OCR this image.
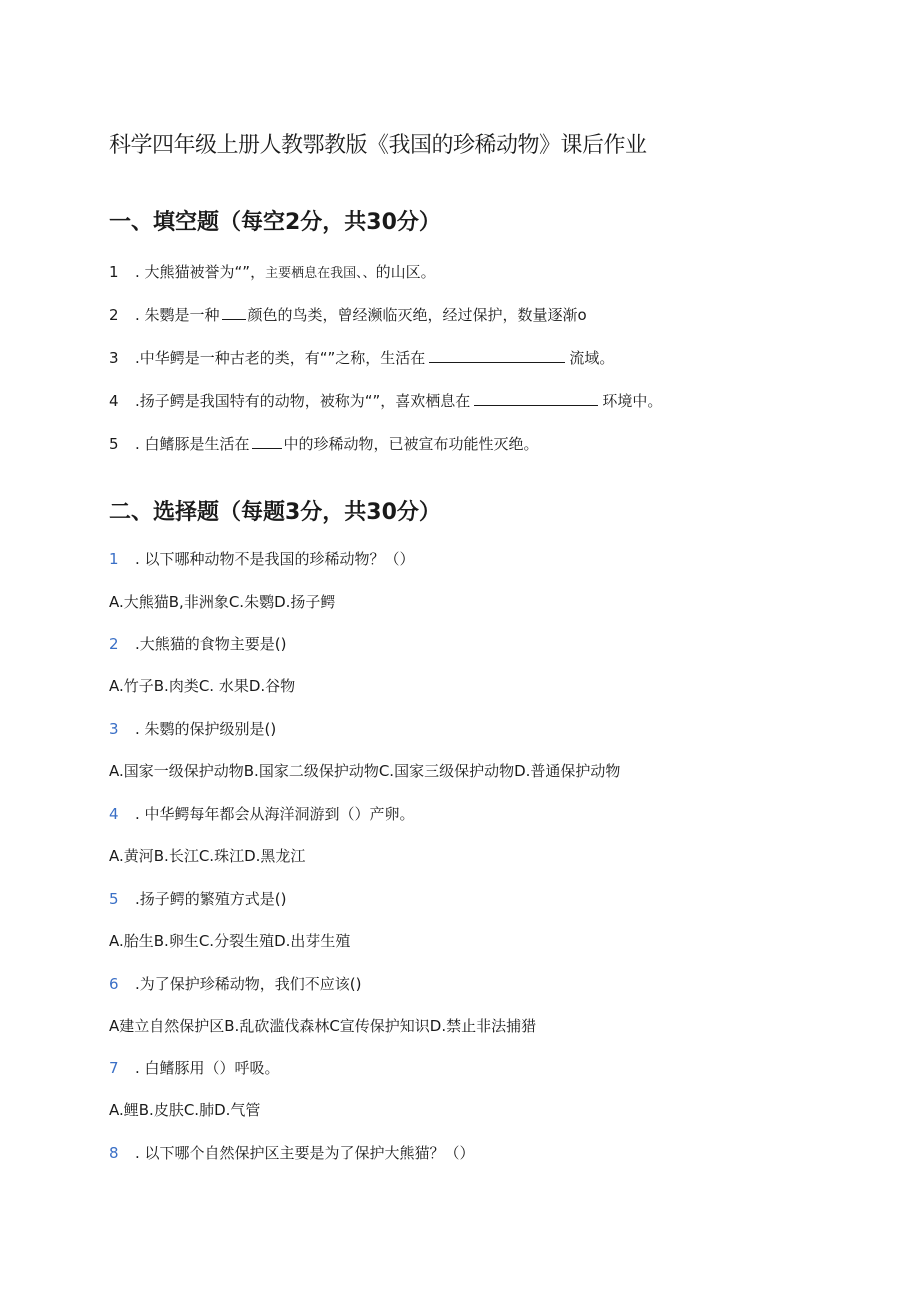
科学四年级上册人教鄂教版《我国的珍稀动物》课后作业
一、填空题（每空2分，共30分）
1 . 大熊猫被誉为“”，主要栖息在我国、、的山区。
2 . 朱鹦是一种 颜色的鸟类，曾经濒临灭绝，经过保护，数量逐渐o
3 .中华鳄是一种古老的类，有“”之称，生活在	流域。
4 .扬子鳄是我国特有的动物，被称为“”，喜欢栖息在	环境中。
5 . 白鳍豚是生活在 中的珍稀动物，已被宣布功能性灭绝。
二、选择题（每题3分，共30分）
1 . 以下哪种动物不是我国的珍稀动物？（）
A.大熊猫B,非洲象C.朱鹦D.扬子鳄
2 .大熊猫的食物主要是()
A.竹子B.肉类C. 水果D.谷物
3 . 朱鹦的保护级别是()
A.国家一级保护动物B.国家二级保护动物C.国家三级保护动物D.普通保护动物
4 . 中华鳄每年都会从海洋洞游到（）产卵。
A.黄河B.长江C.珠江D.黑龙江
5 .扬子鳄的繁殖方式是()
A.胎生B.卵生C.分裂生殖D.出芽生殖
6 .为了保护珍稀动物，我们不应该()
A建立自然保护区B.乱砍滥伐森林C宣传保护知识D.禁止非法捕猎
7 . 白鳍豚用（）呼吸。
A.鲤B.皮肤C.肺D.气管
8 . 以下哪个自然保护区主要是为了保护大熊猫？（）
